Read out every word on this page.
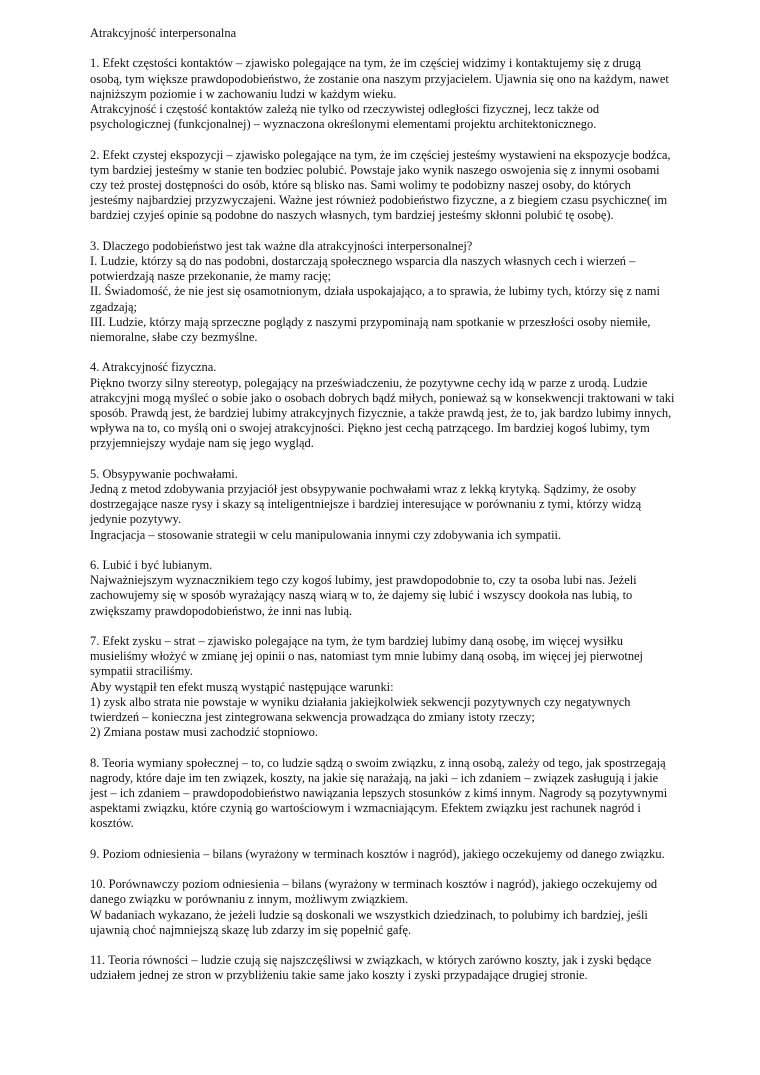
Atrakcyjność interpersonalna

1. Efekt częstości kontaktów – zjawisko polegające na tym, że im częściej widzimy i kontaktujemy się z drugą osobą, tym większe prawdopodobieństwo, że zostanie ona naszym przyjacielem. Ujawnia się ono na każdym, nawet najniższym poziomie i w zachowaniu ludzi w każdym wieku.

Atrakcyjność i częstość kontaktów zależą nie tylko od rzeczywistej odległości fizycznej, lecz także od psychologicznej (funkcjonalnej) – wyznaczona określonymi elementami projektu architektonicznego.

2. Efekt czystej ekspozycji – zjawisko polegające na tym, że im częściej jesteśmy wystawieni na ekspozycje bodźca, tym bardziej jesteśmy w stanie ten bodziec polubić. Powstaje jako wynik naszego oswojenia się z innymi osobami czy też prostej dostępności do osób, które są blisko nas. Sami wolimy te podobizny naszej osoby, do których jesteśmy najbardziej przyzwyczajeni. Ważne jest również podobieństwo fizyczne, a z biegiem czasu psychiczne( im bardziej czyjeś opinie są podobne do naszych własnych, tym bardziej jesteśmy skłonni polubić tę osobę).

3. Dlaczego podobieństwo jest tak ważne dla atrakcyjności interpersonalnej?

I. Ludzie, którzy są do nas podobni, dostarczają społecznego wsparcia dla naszych własnych cech i wierzeń – potwierdzają nasze przekonanie, że mamy rację;

II. Świadomość, że nie jest się osamotnionym, działa uspokajająco, a to sprawia, że lubimy tych, którzy się z nami zgadzają;

III. Ludzie, którzy mają sprzeczne poglądy z naszymi przypominają nam spotkanie w przeszłości osoby niemiłe, niemoralne, słabe czy bezmyślne.

4. Atrakcyjność fizyczna.

Piękno tworzy silny stereotyp, polegający na przeświadczeniu, że pozytywne cechy idą w parze z urodą. Ludzie atrakcyjni mogą myśleć o sobie jako o osobach dobrych bądź miłych, ponieważ są w konsekwencji traktowani w taki sposób. Prawdą jest, że bardziej lubimy atrakcyjnych fizycznie, a także prawdą jest, że to, jak bardzo lubimy innych, wpływa na to, co myślą oni o swojej atrakcyjności. Piękno jest cechą patrzącego. Im bardziej kogoś lubimy, tym przyjemniejszy wydaje nam się jego wygląd.

5. Obsypywanie pochwałami.

Jedną z metod zdobywania przyjaciół jest obsypywanie pochwałami wraz z lekką krytyką. Sądzimy, że osoby dostrzegające nasze rysy i skazy są inteligentniejsze i bardziej interesujące w porównaniu z tymi, którzy widzą jedynie pozytywy.

Ingracjacja – stosowanie strategii w celu manipulowania innymi czy zdobywania ich sympatii.

6. Lubić i być lubianym.

Najważniejszym wyznacznikiem tego czy kogoś lubimy, jest prawdopodobnie to, czy ta osoba lubi nas. Jeżeli zachowujemy się w sposób wyrażający naszą wiarą w to, że dajemy się lubić i wszyscy dookoła nas lubią, to zwiększamy prawdopodobieństwo, że inni nas lubią.

7. Efekt zysku – strat – zjawisko polegające na tym, że tym bardziej lubimy daną osobę, im więcej wysiłku musieliśmy włożyć w zmianę jej opinii o nas, natomiast tym mnie lubimy daną osobą, im więcej jej pierwotnej sympatii straciliśmy.

Aby wystąpił ten efekt muszą wystąpić następujące warunki:

1) zysk albo strata nie powstaje w wyniku działania jakiejkolwiek sekwencji pozytywnych czy negatywnych twierdzeń – konieczna jest zintegrowana sekwencja prowadząca do zmiany istoty rzeczy;

2) Zmiana postaw musi zachodzić stopniowo.

8. Teoria wymiany społecznej – to, co ludzie sądzą o swoim związku, z inną osobą, zależy od tego, jak spostrzegają nagrody, które daje im ten związek, koszty, na jakie się narażają, na jaki – ich zdaniem – związek zasługują i jakie jest – ich zdaniem – prawdopodobieństwo nawiązania lepszych stosunków z kimś innym. Nagrody są pozytywnymi aspektami związku, które czynią go wartościowym i wzmacniającym. Efektem związku jest rachunek nagród i kosztów.

9. Poziom odniesienia – bilans (wyrażony w terminach kosztów i nagród), jakiego oczekujemy od danego związku.

10. Porównawczy poziom odniesienia – bilans (wyrażony w terminach kosztów i nagród), jakiego oczekujemy od danego związku w porównaniu z innym, możliwym związkiem.

W badaniach wykazano, że jeżeli ludzie są doskonali we wszystkich dziedzinach, to polubimy ich bardziej, jeśli ujawnią choć najmniejszą skazę lub zdarzy im się popełnić gafę.

11. Teoria równości – ludzie czują się najszczęśliwsi w związkach, w których zarówno koszty, jak i zyski będące udziałem jednej ze stron w przybliżeniu takie same jako koszty i zyski przypadające drugiej stronie.
